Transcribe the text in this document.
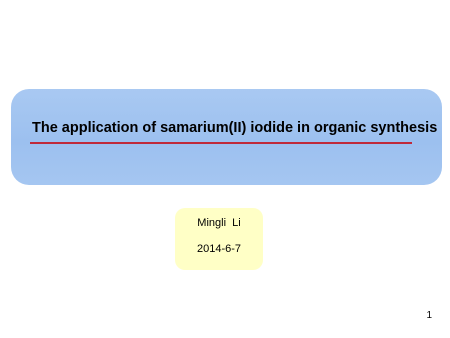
The application of samarium(II) iodide in organic synthesis
Mingli  Li
2014-6-7
1
